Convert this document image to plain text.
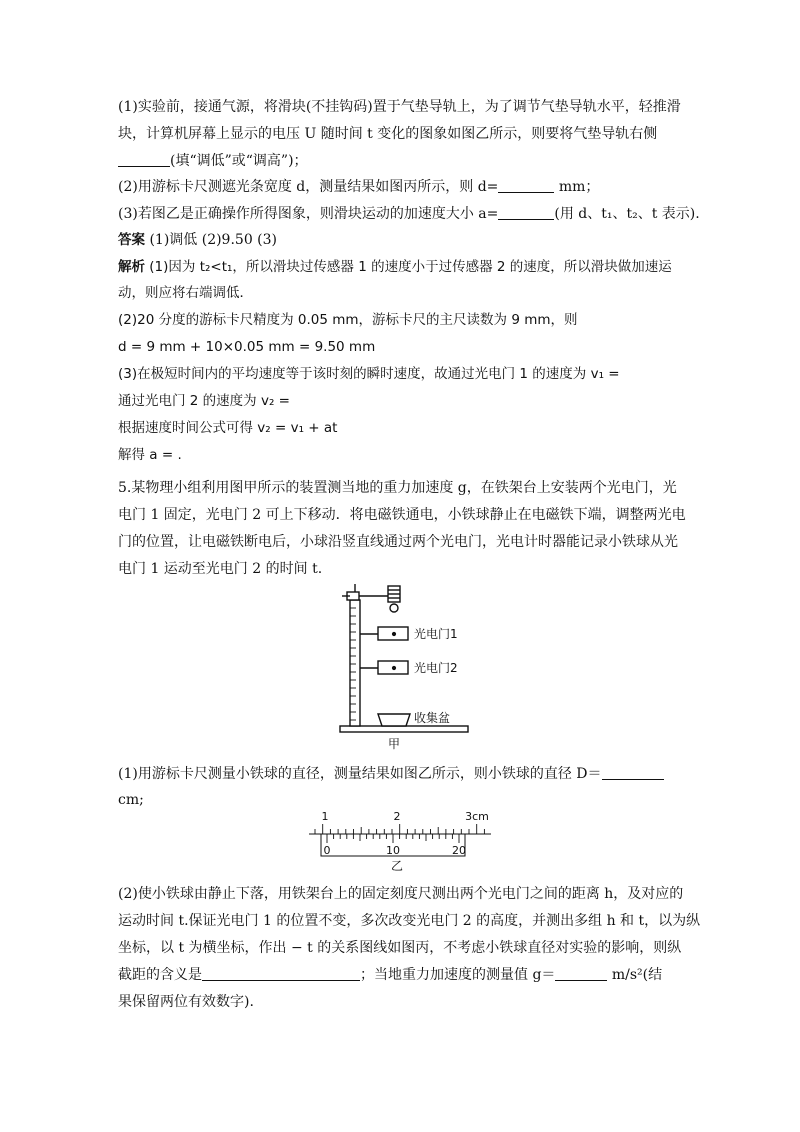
(1)实验前，接通气源，将滑块(不挂钩码)置于气垫导轨上，为了调节气垫导轨水平，轻推滑
块，计算机屏幕上显示的电压 U 随时间 t 变化的图象如图乙所示，则要将气垫导轨右侧
(填“调低”或“调高”)；
(2)用游标卡尺测遮光条宽度 d，测量结果如图丙所示，则 d=	mm；
(3)若图乙是正确操作所得图象，则滑块运动的加速度大小 a=	(用 d、t₁、t₂、t 表示).
答案 (1)调低 (2)9.50 (3)
解析 (1)因为 t₂<t₁，所以滑块过传感器 1 的速度小于过传感器 2 的速度，所以滑块做加速运
动，则应将右端调低．
(2)20 分度的游标卡尺精度为 0.05 mm，游标卡尺的主尺读数为 9 mm，则
d = 9 mm + 10×0.05 mm = 9.50 mm
(3)在极短时间内的平均速度等于该时刻的瞬时速度，故通过光电门 1 的速度为 v₁ =
通过光电门 2 的速度为 v₂ =
根据速度时间公式可得 v₂ = v₁ + at
解得 a = .
5.某物理小组利用图甲所示的装置测当地的重力加速度 g，在铁架台上安装两个光电门，光
电门 1 固定，光电门 2 可上下移动．将电磁铁通电，小铁球静止在电磁铁下端，调整两光电
门的位置，让电磁铁断电后，小球沿竖直线通过两个光电门，光电计时器能记录小铁球从光
电门 1 运动至光电门 2 的时间 t.
光电门1
光电门2
收集盆
甲
(1)用游标卡尺测量小铁球的直径，测量结果如图乙所示，则小铁球的直径 D＝
cm;
1	2	3cm
0	10	20
乙
(2)使小铁球由静止下落，用铁架台上的固定刻度尺测出两个光电门之间的距离 h，及对应的
运动时间 t.保证光电门 1 的位置不变，多次改变光电门 2 的高度，并测出多组 h 和 t，以为纵
坐标，以 t 为横坐标，作出 − t 的关系图线如图丙，不考虑小铁球直径对实验的影响，则纵
截距的含义是	；当地重力加速度的测量值 g＝	m/s²(结
果保留两位有效数字).
